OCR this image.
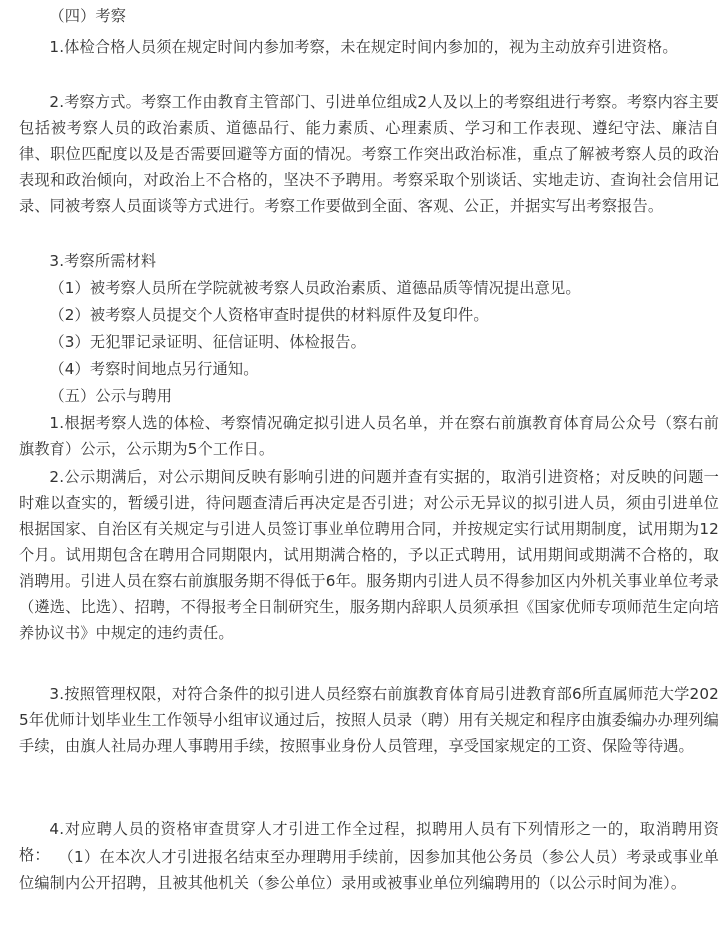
（四）考察

1.体检合格人员须在规定时间内参加考察，未在规定时间内参加的，视为主动放弃引进资格。

2.考察方式。考察工作由教育主管部门、引进单位组成2人及以上的考察组进行考察。考察内容主要包括被考察人员的政治素质、道德品行、能力素质、心理素质、学习和工作表现、遵纪守法、廉洁自律、职位匹配度以及是否需要回避等方面的情况。考察工作突出政治标准，重点了解被考察人员的政治表现和政治倾向，对政治上不合格的，坚决不予聘用。考察采取个别谈话、实地走访、查询社会信用记录、同被考察人员面谈等方式进行。考察工作要做到全面、客观、公正，并据实写出考察报告。

3.考察所需材料

（1）被考察人员所在学院就被考察人员政治素质、道德品质等情况提出意见。

（2）被考察人员提交个人资格审查时提供的材料原件及复印件。

（3）无犯罪记录证明、征信证明、体检报告。

（4）考察时间地点另行通知。

（五）公示与聘用

1.根据考察人选的体检、考察情况确定拟引进人员名单，并在察右前旗教育体育局公众号（察右前旗教育）公示，公示期为5个工作日。

2.公示期满后，对公示期间反映有影响引进的问题并查有实据的，取消引进资格；对反映的问题一时难以查实的，暂缓引进，待问题查清后再决定是否引进；对公示无异议的拟引进人员，须由引进单位根据国家、自治区有关规定与引进人员签订事业单位聘用合同，并按规定实行试用期制度，试用期为12个月。试用期包含在聘用合同期限内，试用期满合格的，予以正式聘用，试用期间或期满不合格的，取消聘用。引进人员在察右前旗服务期不得低于6年。服务期内引进人员不得参加区内外机关事业单位考录（遴选、比选）、招聘，不得报考全日制研究生，服务期内辞职人员须承担《国家优师专项师范生定向培养协议书》中规定的违约责任。

3.按照管理权限，对符合条件的拟引进人员经察右前旗教育体育局引进教育部6所直属师范大学2025年优师计划毕业生工作领导小组审议通过后，按照人员录（聘）用有关规定和程序由旗委编办办理列编手续，由旗人社局办理人事聘用手续，按照事业身份人员管理，享受国家规定的工资、保险等待遇。

4.对应聘人员的资格审查贯穿人才引进工作全过程，拟聘用人员有下列情形之一的，取消聘用资格： （1）在本次人才引进报名结束至办理聘用手续前，因参加其他公务员（参公人员）考录或事业单位编制内公开招聘，且被其他机关（参公单位）录用或被事业单位列编聘用的（以公示时间为准）。
